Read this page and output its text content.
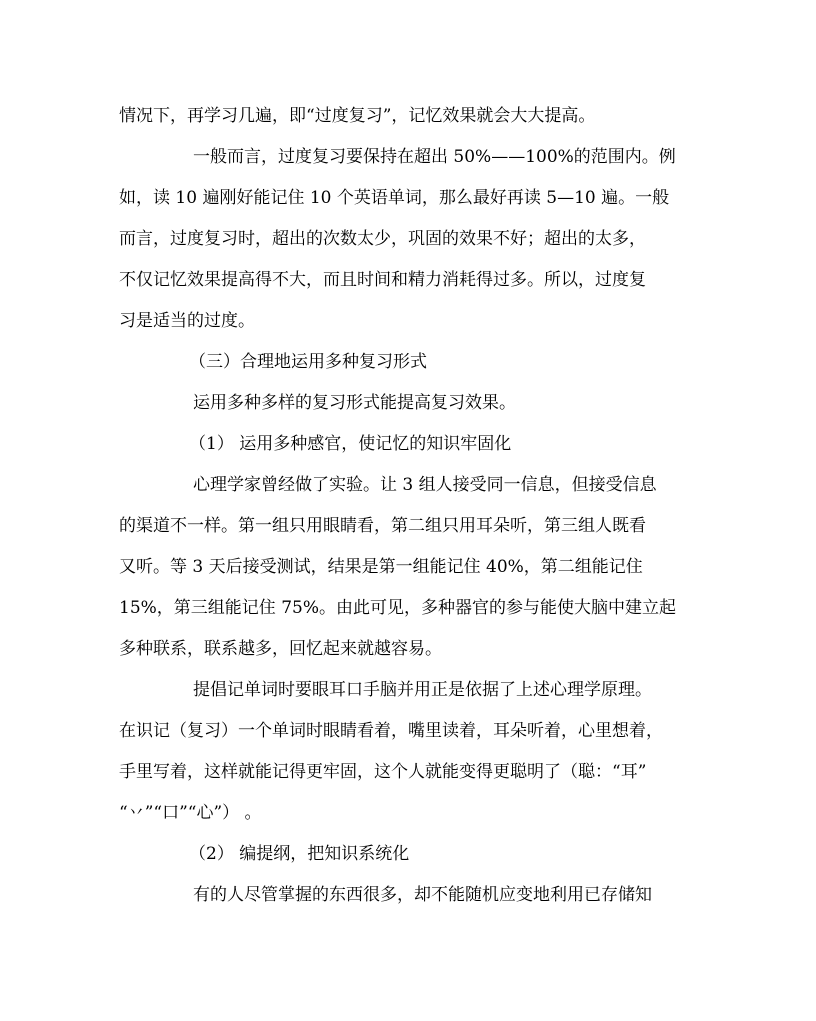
情况下，再学习几遍，即“过度复习”，记忆效果就会大大提高。
一般而言，过度复习要保持在超出 50%——100%的范围内。例
如，读 10 遍刚好能记住 10 个英语单词，那么最好再读 5—10 遍。一般
而言，过度复习时，超出的次数太少，巩固的效果不好；超出的太多，
不仅记忆效果提高得不大，而且时间和精力消耗得过多。所以，过度复
习是适当的过度。
（三）合理地运用多种复习形式
运用多种多样的复习形式能提高复习效果。
（1） 运用多种感官，使记忆的知识牢固化
心理学家曾经做了实验。让 3 组人接受同一信息，但接受信息
的渠道不一样。第一组只用眼睛看，第二组只用耳朵听，第三组人既看
又听。等 3 天后接受测试，结果是第一组能记住 40%，第二组能记住
15%，第三组能记住 75%。由此可见，多种器官的参与能使大脑中建立起
多种联系，联系越多，回忆起来就越容易。
提倡记单词时要眼耳口手脑并用正是依据了上述心理学原理。
在识记（复习）一个单词时眼睛看着，嘴里读着，耳朵听着，心里想着，
手里写着，这样就能记得更牢固，这个人就能变得更聪明了（聪：“耳”
“丷”“口”“心”） 。
（2） 编提纲，把知识系统化
有的人尽管掌握的东西很多，却不能随机应变地利用已存储知
